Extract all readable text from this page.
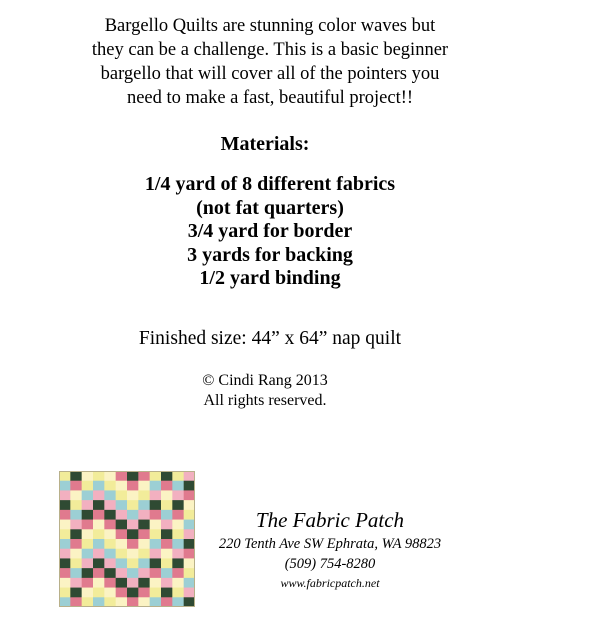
Bargello Quilts are stunning color waves but
they can be a challenge. This is a basic beginner
bargello that will cover all of the pointers you
need to make a fast, beautiful project!!
Materials:
1/4 yard of 8 different fabrics
(not fat quarters)
3/4 yard for border
3 yards for backing
1/2 yard binding
Finished size: 44” x 64” nap quilt
© Cindi Rang 2013
All rights reserved.
The Fabric Patch
220 Tenth Ave SW Ephrata, WA 98823
(509) 754-8280
www.fabricpatch.net
